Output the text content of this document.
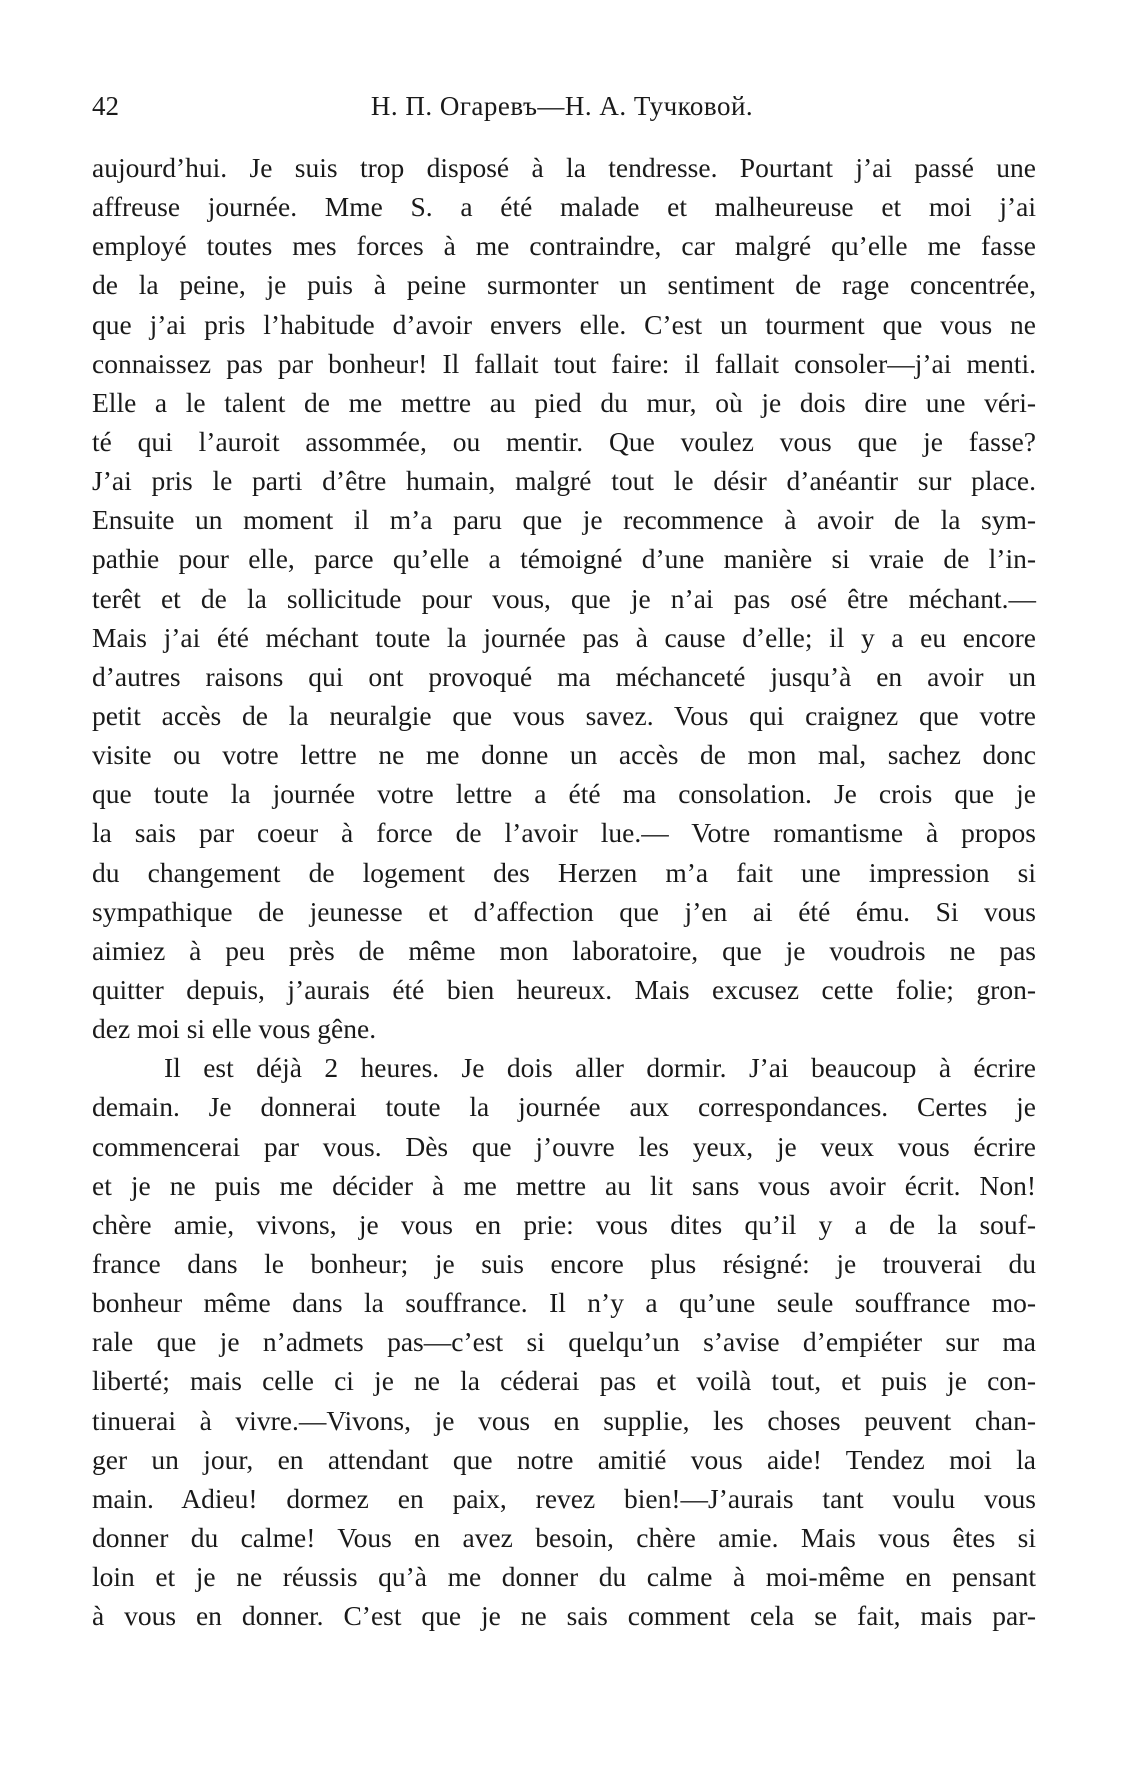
42	Н. П. Огаревъ—Н. А. Тучковой.
aujourd’hui. Je suis trop disposé à la tendresse. Pourtant j’ai passé une
affreuse journée. Mme S. a été malade et malheureuse et moi j’ai
employé toutes mes forces à me contraindre, car malgré qu’elle me fasse
de la peine, je puis à peine surmonter un sentiment de rage concentrée,
que j’ai pris l’habitude d’avoir envers elle. C’est un tourment que vous ne
connaissez pas par bonheur! Il fallait tout faire: il fallait consoler—j’ai menti.
Elle a le talent de me mettre au pied du mur, où je dois dire une véri-
té qui l’auroit assommée, ou mentir. Que voulez vous que je fasse?
J’ai pris le parti d’être humain, malgré tout le désir d’anéantir sur place.
Ensuite un moment il m’a paru que je recommence à avoir de la sym-
pathie pour elle, parce qu’elle a témoigné d’une manière si vraie de l’in-
terêt et de la sollicitude pour vous, que je n’ai pas osé être méchant.—
Mais j’ai été méchant toute la journée pas à cause d’elle; il y a eu encore
d’autres raisons qui ont provoqué ma méchanceté jusqu’à en avoir un
petit accès de la neuralgie que vous savez. Vous qui craignez que votre
visite ou votre lettre ne me donne un accès de mon mal, sachez donc
que toute la journée votre lettre a été ma consolation. Je crois que je
la sais par coeur à force de l’avoir lue.— Votre romantisme à propos
du changement de logement des Herzen m’a fait une impression si
sympathique de jeunesse et d’affection que j’en ai été ému. Si vous
aimiez à peu près de même mon laboratoire, que je voudrois ne pas
quitter depuis, j’aurais été bien heureux. Mais excusez cette folie; gron-
dez moi si elle vous gêne.
Il est déjà 2 heures. Je dois aller dormir. J’ai beaucoup à écrire
demain. Je donnerai toute la journée aux correspondances. Certes je
commencerai par vous. Dès que j’ouvre les yeux, je veux vous écrire
et je ne puis me décider à me mettre au lit sans vous avoir écrit. Non!
chère amie, vivons, je vous en prie: vous dites qu’il y a de la souf-
france dans le bonheur; je suis encore plus résigné: je trouverai du
bonheur même dans la souffrance. Il n’y a qu’une seule souffrance mo-
rale que je n’admets pas—c’est si quelqu’un s’avise d’empiéter sur ma
liberté; mais celle ci je ne la céderai pas et voilà tout, et puis je con-
tinuerai à vivre.—Vivons, je vous en supplie, les choses peuvent chan-
ger un jour, en attendant que notre amitié vous aide! Tendez moi la
main. Adieu! dormez en paix, revez bien!—J’aurais tant voulu vous
donner du calme! Vous en avez besoin, chère amie. Mais vous êtes si
loin et je ne réussis qu’à me donner du calme à moi-même en pensant
à vous en donner. C’est que je ne sais comment cela se fait, mais par-
